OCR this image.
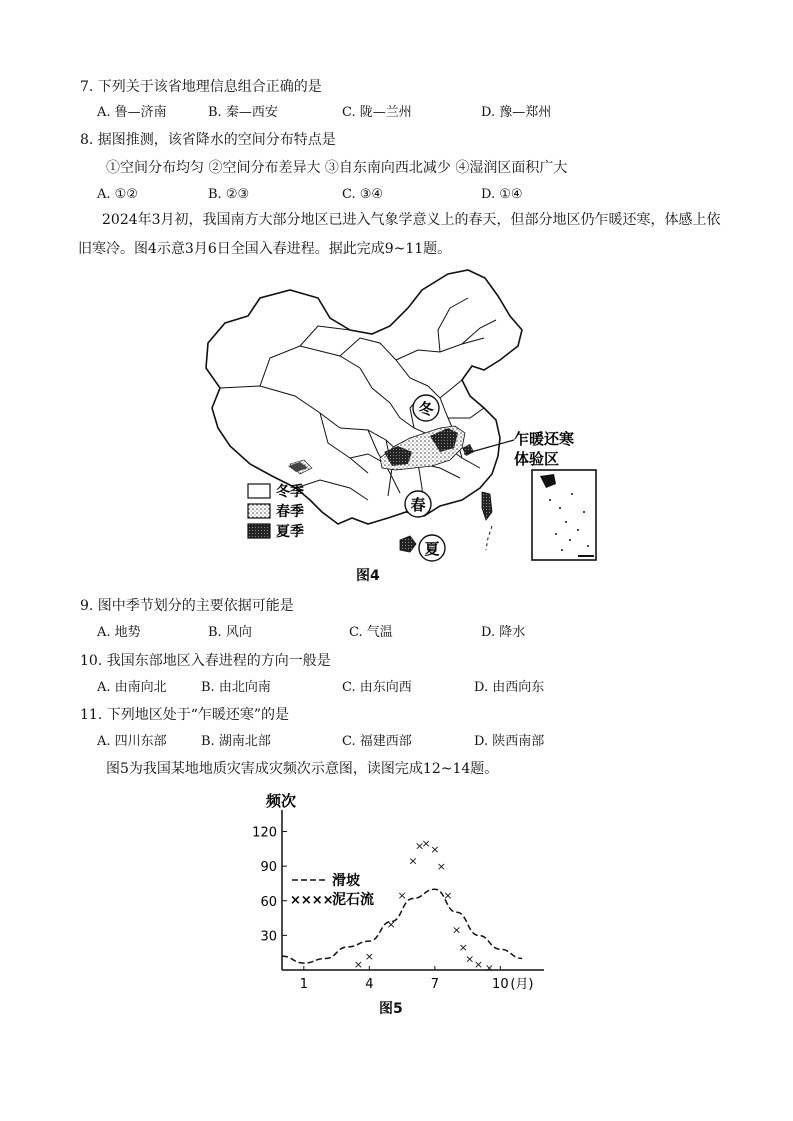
7. 下列关于该省地理信息组合正确的是
A. 鲁—济南	B. 秦—西安	C. 陇—兰州	D. 豫—郑州
8. 据图推测，该省降水的空间分布特点是
①空间分布均匀 ②空间分布差异大 ③自东南向西北减少 ④湿润区面积广大
A. ①②	B. ②③	C. ③④	D. ①④
2024年3月初，我国南方大部分地区已进入气象学意义上的春天，但部分地区仍乍暖还寒，体感上依旧寒冷。图4示意3月6日全国入春进程。据此完成9~11题。
冬
春
夏
乍暖还寒
体验区
冬季
春季
夏季
图4
9. 图中季节划分的主要依据可能是
A. 地势	B. 风向	C. 气温	D. 降水
10. 我国东部地区入春进程的方向一般是
A. 由南向北	B. 由北向南	C. 由东向西	D. 由西向东
11. 下列地区处于“乍暖还寒”的是
A. 四川东部	B. 湖南北部	C. 福建西部	D. 陕西南部
图5为我国某地地质灾害成灾频次示意图，读图完成12~14题。
频次
30
60
90
120
1	4	7	10 (月)
×
×
×
×
×
×
× ×
×
×
×
×
× × ×
滑坡
××××
泥石流
图5
